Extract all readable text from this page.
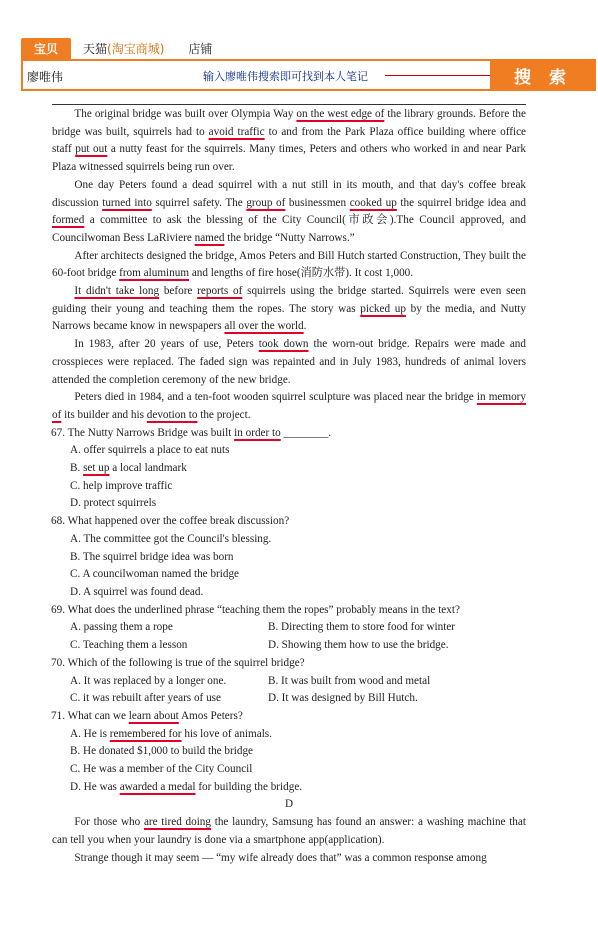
宝贝	天猫(淘宝商城)	店铺
廖唯伟
输入廖唯伟搜索即可找到本人笔记	搜 索

The original bridge was built over Olympia Way on the west edge of the library grounds. Before the bridge was built, squirrels had to avoid traffic to and from the Park Plaza office building where office staff put out a nutty feast for the squirrels. Many times, Peters and others who worked in and near Park Plaza witnessed squirrels being run over.

One day Peters found a dead squirrel with a nut still in its mouth, and that day's coffee break discussion turned into squirrel safety. The group of businessmen cooked up the squirrel bridge idea and formed a committee to ask the blessing of the City Council(市政会).The Council approved, and Councilwoman Bess LaRiviere named the bridge “Nutty Narrows.”

After architects designed the bridge, Amos Peters and Bill Hutch started Construction, They built the 60-foot bridge from aluminum and lengths of fire hose(消防水带). It cost 1,000.

It didn't take long before reports of squirrels using the bridge started. Squirrels were even seen guiding their young and teaching them the ropes. The story was picked up by the media, and Nutty Narrows became know in newspapers all over the world.

In 1983, after 20 years of use, Peters took down the worn-out bridge. Repairs were made and crosspieces were replaced. The faded sign was repainted and in July 1983, hundreds of animal lovers attended the completion ceremony of the new bridge.

Peters died in 1984, and a ten-foot wooden squirrel sculpture was placed near the bridge in memory of its builder and his devotion to the project.

67. The Nutty Narrows Bridge was built in order to ________.

A. offer squirrels a place to eat nuts

B. set up a local landmark

C. help improve traffic

D. protect squirrels

68. What happened over the coffee break discussion?

A. The committee got the Council's blessing.

B. The squirrel bridge idea was born

C. A councilwoman named the bridge

D. A squirrel was found dead.

69. What does the underlined phrase “teaching them the ropes” probably means in the text?

A. passing them a rope	B. Directing them to store food for winter
C. Teaching them a lesson	D. Showing them how to use the bridge.

70. Which of the following is true of the squirrel bridge?

A. It was replaced by a longer one.	B. It was built from wood and metal
C. it was rebuilt after years of use	D. It was designed by Bill Hutch.

71. What can we learn about Amos Peters?

A. He is remembered for his love of animals.

B. He donated $1,000 to build the bridge

C. He was a member of the City Council

D. He was awarded a medal for building the bridge.

D

For those who are tired doing the laundry, Samsung has found an answer: a washing machine that can tell you when your laundry is done via a smartphone app(application).

Strange though it may seem — “my wife already does that” was a common response among
